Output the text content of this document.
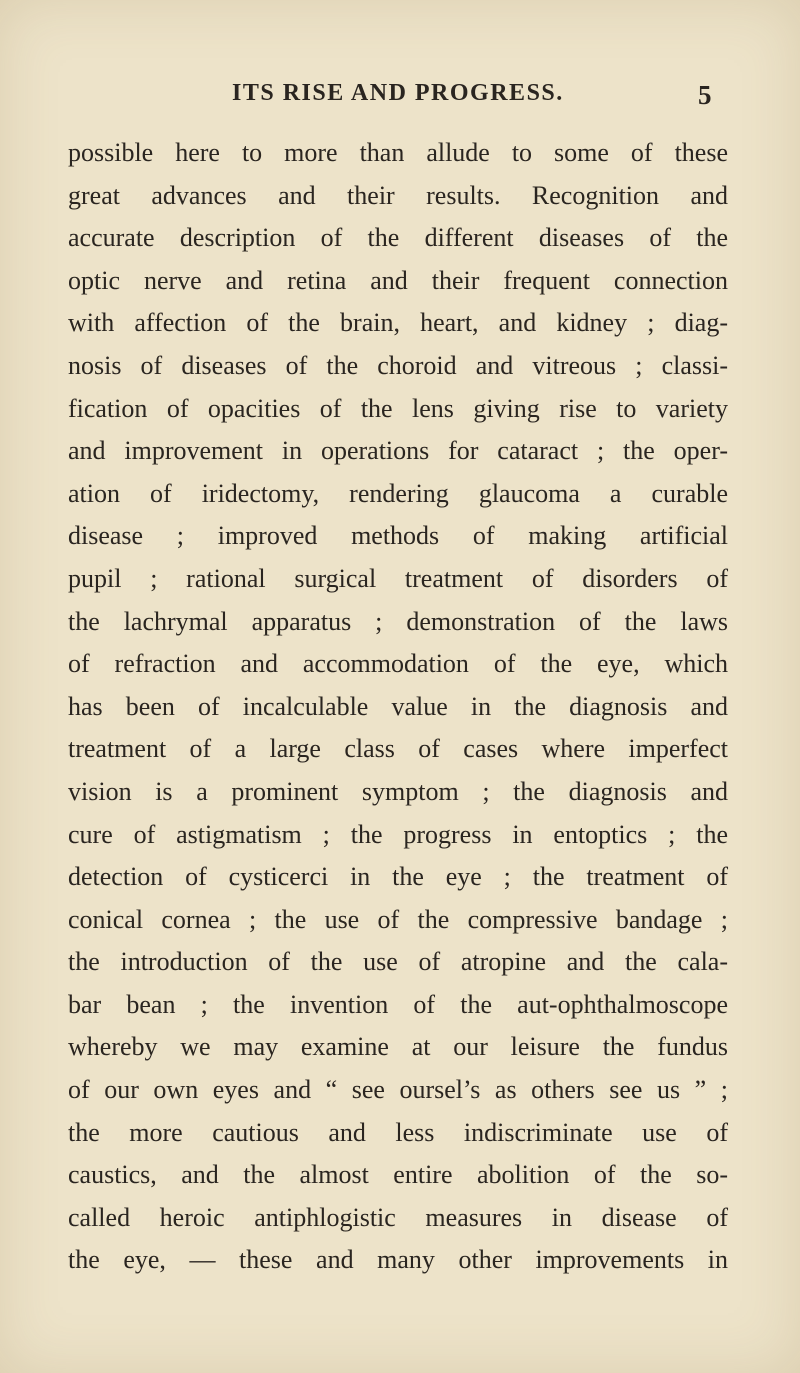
ITS RISE AND PROGRESS.	5
possible here to more than allude to some of these
great advances and their results. Recognition and
accurate description of the different diseases of the
optic nerve and retina and their frequent connection
with affection of the brain, heart, and kidney ; diag-
nosis of diseases of the choroid and vitreous ; classi-
fication of opacities of the lens giving rise to variety
and improvement in operations for cataract ; the oper-
ation of iridectomy, rendering glaucoma a curable
disease ; improved methods of making artificial
pupil ; rational surgical treatment of disorders of
the lachrymal apparatus ; demonstration of the laws
of refraction and accommodation of the eye, which
has been of incalculable value in the diagnosis and
treatment of a large class of cases where imperfect
vision is a prominent symptom ; the diagnosis and
cure of astigmatism ; the progress in entoptics ; the
detection of cysticerci in the eye ; the treatment of
conical cornea ; the use of the compressive bandage ;
the introduction of the use of atropine and the cala-
bar bean ; the invention of the aut-ophthalmoscope
whereby we may examine at our leisure the fundus
of our own eyes and “ see oursel’s as others see us ” ;
the more cautious and less indiscriminate use of
caustics, and the almost entire abolition of the so-
called heroic antiphlogistic measures in disease of
the eye, — these and many other improvements in
